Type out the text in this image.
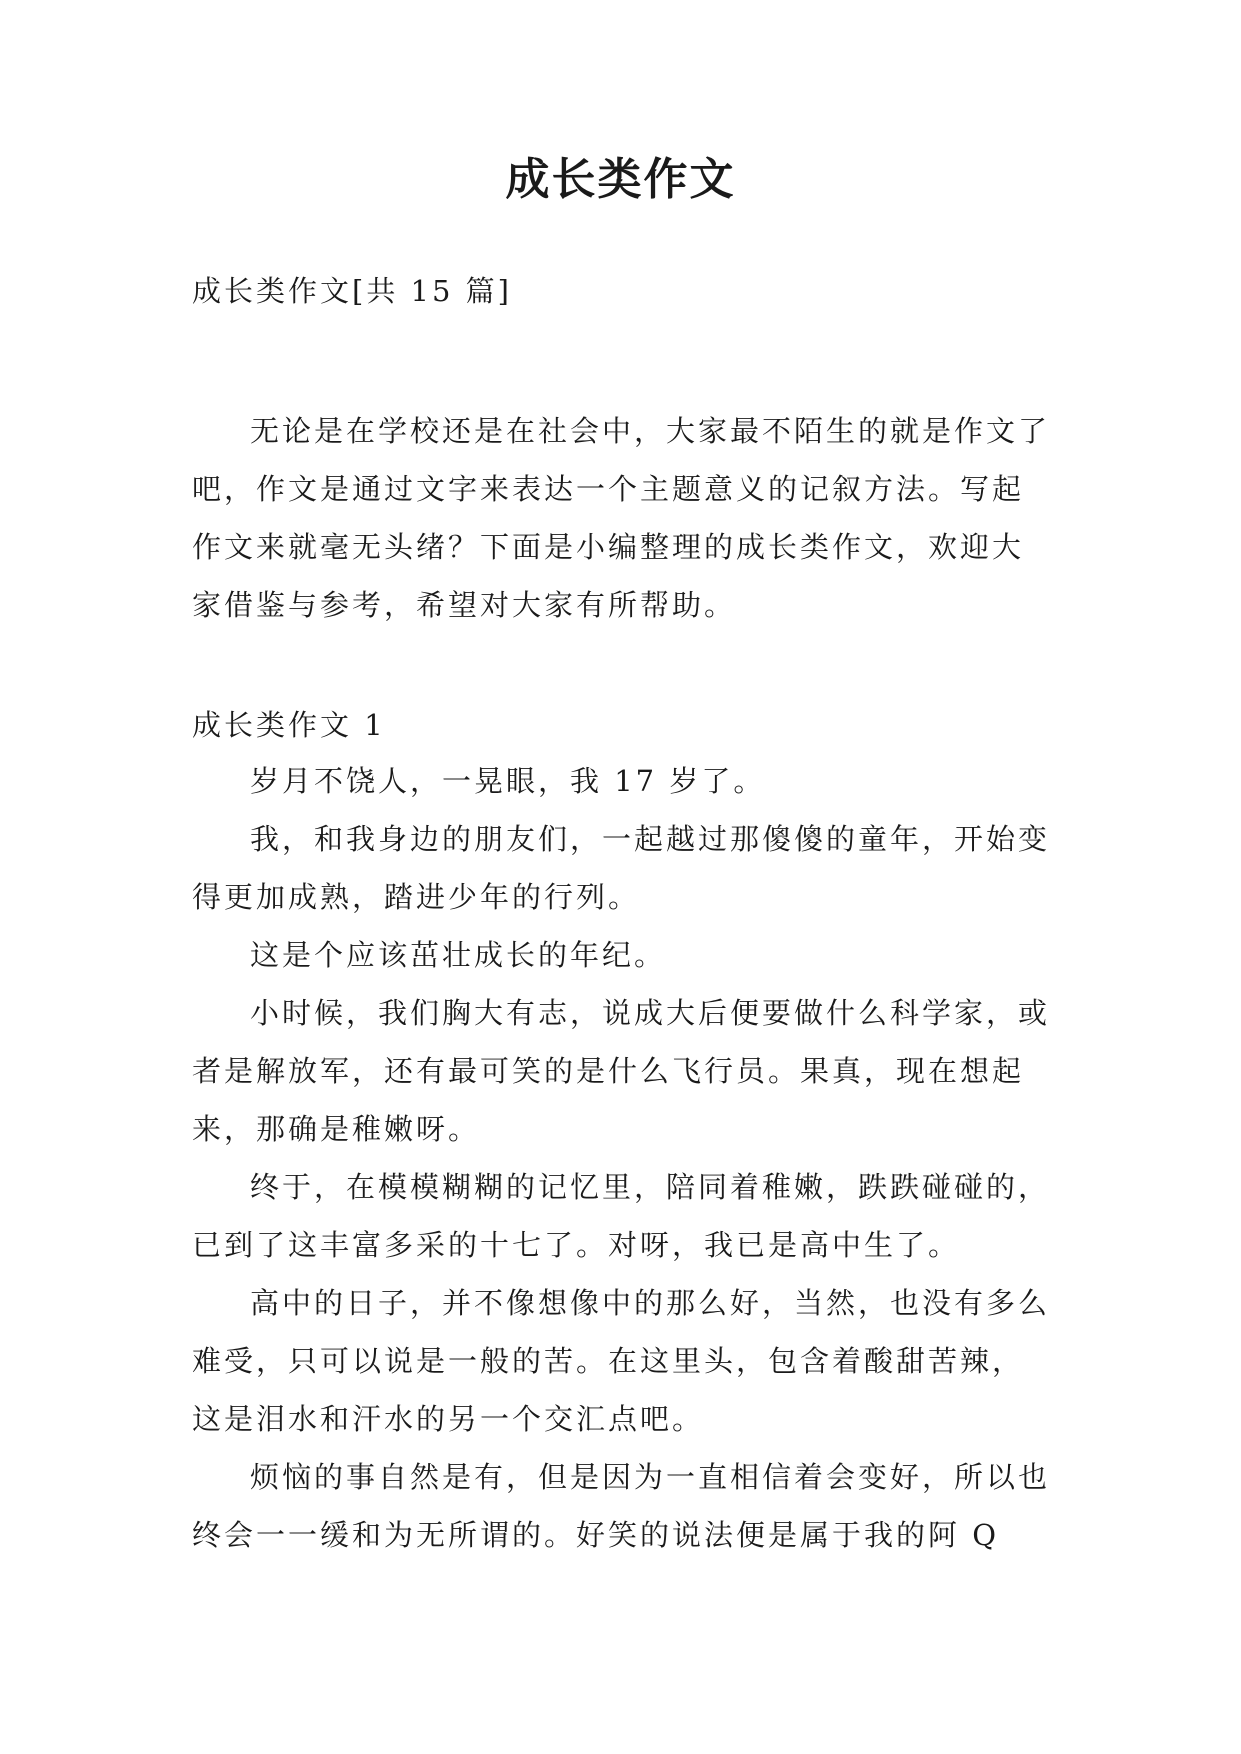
成长类作文

成长类作文[共 15 篇]

无论是在学校还是在社会中，大家最不陌生的就是作文了吧，作文是通过文字来表达一个主题意义的记叙方法。写起作文来就毫无头绪？下面是小编整理的成长类作文，欢迎大家借鉴与参考，希望对大家有所帮助。

成长类作文 1

岁月不饶人，一晃眼，我 17 岁了。

我，和我身边的朋友们，一起越过那傻傻的童年，开始变得更加成熟，踏进少年的行列。

这是个应该茁壮成长的年纪。

小时候，我们胸大有志，说成大后便要做什么科学家，或者是解放军，还有最可笑的是什么飞行员。果真，现在想起来，那确是稚嫩呀。

终于，在模模糊糊的记忆里，陪同着稚嫩，跌跌碰碰的，已到了这丰富多采的十七了。对呀，我已是高中生了。

高中的日子，并不像想像中的那么好，当然，也没有多么难受，只可以说是一般的苦。在这里头，包含着酸甜苦辣，这是泪水和汗水的另一个交汇点吧。

烦恼的事自然是有，但是因为一直相信着会变好，所以也终会一一缓和为无所谓的。好笑的说法便是属于我的阿 Q
